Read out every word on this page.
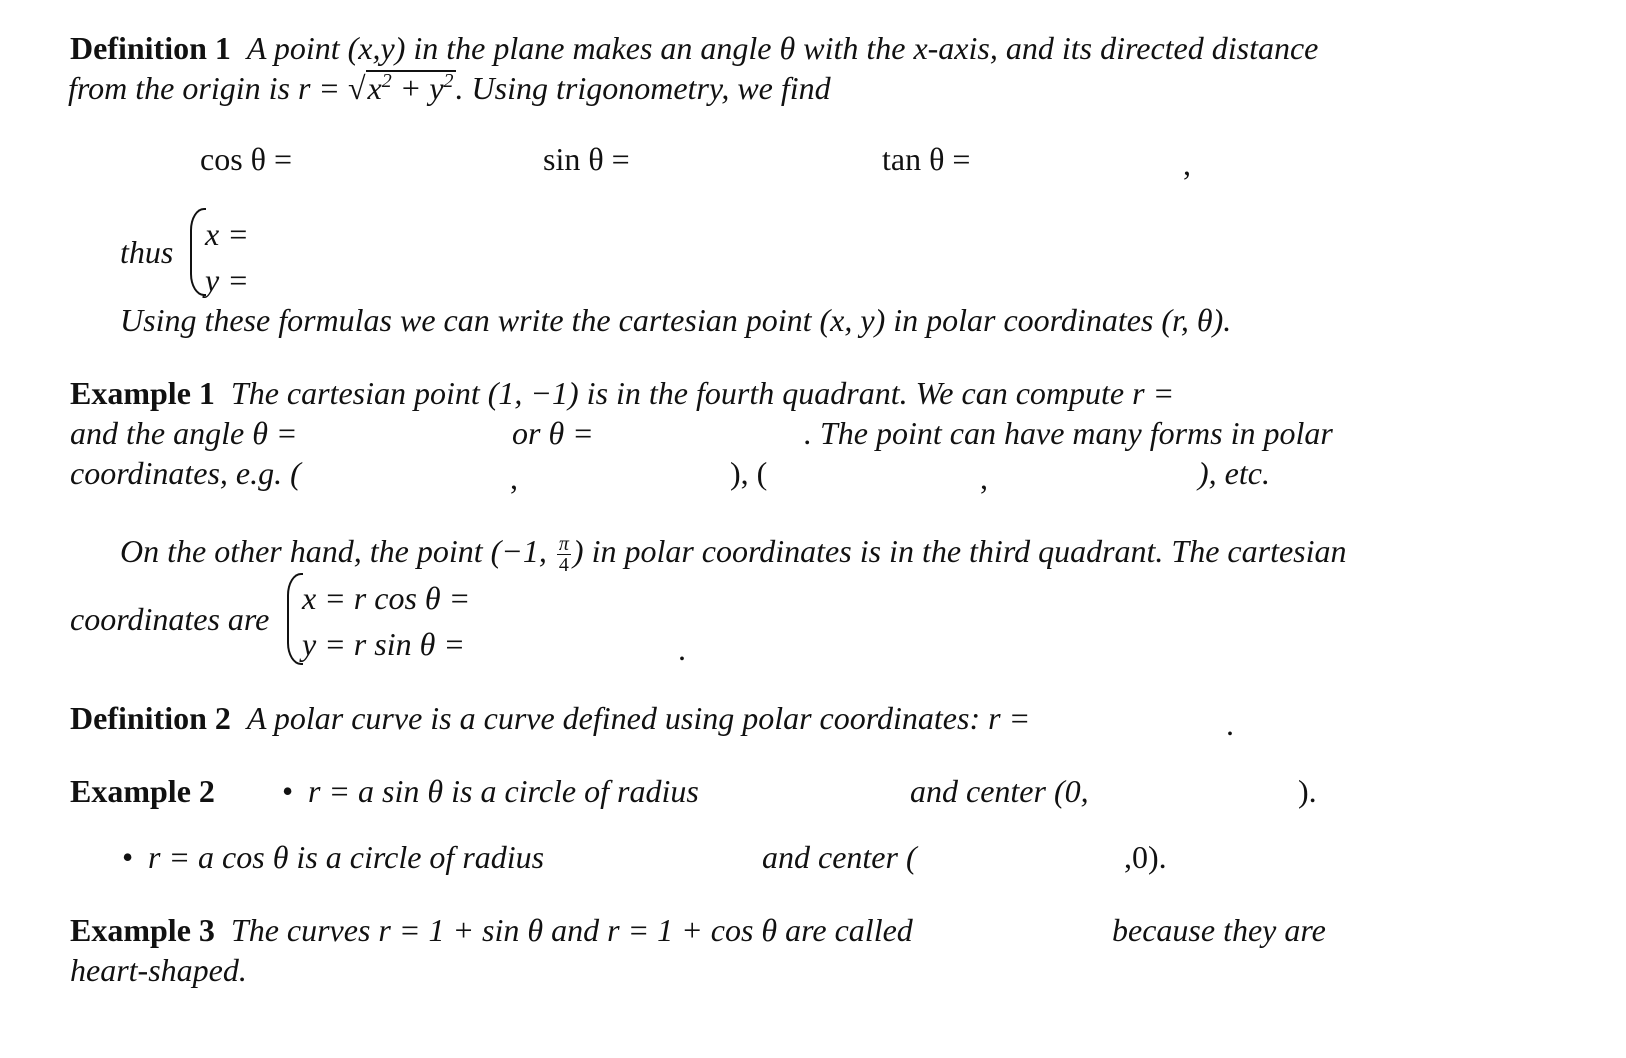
Definition 1 A point (x,y) in the plane makes an angle θ with the x-axis, and its directed distance
from the origin is $r = √x^2 + y^2$. Using trigonometry, we find
cos θ =	sin θ =	tan θ =	,
thus x =
y =
Using these formulas we can write the cartesian point (x, y) in polar coordinates (r, θ).
Example 1 The cartesian point (1, −1) is in the fourth quadrant. We can compute r =
and the angle θ =	or θ =	. The point can have many forms in polar
coordinates, e.g. (	,	), (	,	), etc.
On the other hand, the point (−1, $\frac{\pi}{4}$ ) in polar coordinates is in the third quadrant. The cartesian
coordinates are
x = r cos θ =
y = r sin θ =	.
Definition 2 A polar curve is a curve defined using polar coordinates: r =	.
Example 2 • r = a sin θ is a circle of radius	and center (0,	).
• r = a cos θ is a circle of radius	and center (	,0).
Example 3 The curves r = 1 + sin θ and r = 1 + cos θ are called	because they are
heart-shaped.
